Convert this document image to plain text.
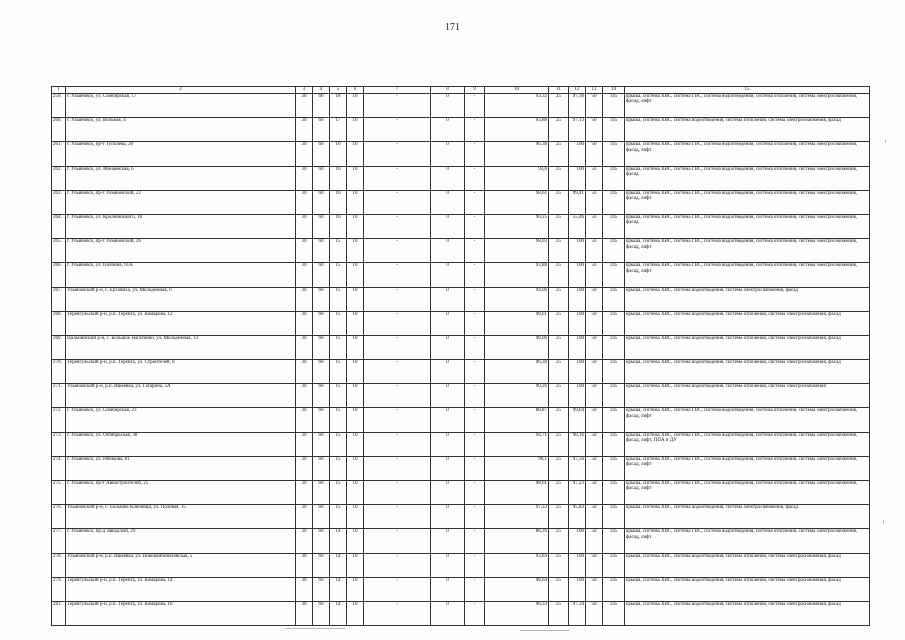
171
1	2	3	4	5	6	7	8	9	10	11	12	13	14	15
259.	г. Ульяновск, ул. Симбирская, 17	30	60	18	10	-	0	-	93,32	25	97,36	50	145	крыша, система ХВС, система ГВС, система водоотведения, система отопления, система электроснабжения, фасад, лифт
260.	г. Ульяновск, ул. Вольная, 4	30	60	17	10	-	0	-	93,88	25	97,13	50	145	крыша, система ХВС, система водоотведения, система отопления, система электроснабжения, фасад
261.	г. Ульяновск, пр-т Туполева, 20	30	60	16	10	-	0	-	96,38	25	100	50	145	крыша, система ХВС, система ГВС, система водоотведения, система отопления, система электроснабжения, фасад, лифт
262.	г. Ульяновск, ул. Минаевская, 6	30	60	16	10	-	0	-	93,6	25	100	50	145	крыша, система ХВС, система ГВС, система водоотведения, система отопления, система электроснабжения, фасад
263.	г. Ульяновск, пр-т Ульяновский, 22	30	60	16	10	-	0	-	98,61	25	99,41	50	145	крыша, система ХВС, система ГВС, система водоотведения, система отопления, система электроснабжения, фасад, лифт
264.	г. Ульяновск, ул. Кролюницкого, 18	30	60	16	10	-	0	-	90,25	25	55,46	50	145	крыша, система ХВС, система ГВС, система водоотведения, система отопления, система электроснабжения, фасад
265.	г. Ульяновск, пр-т Ульяновский, 26	30	60	15	10	-	0	-	98,03	25	100	50	145	крыша, система ХВС, система ГВС, система водоотведения, система отопления, система электроснабжения, фасад, лифт
266.	г. Ульяновск, ул. Полбина, 61А	30	60	15	10	-	0	-	93,88	25	100	50	145	крыша, система ХВС, система ГВС, система водоотведения, система отопления, система электроснабжения, фасад, лифт
267.	Ульяновский р-н, с. Ертаниха, ул. Молодёжная, 6	30	60	15	10	-	0	-	94,06	25	100	50	145	крыша, система ХВС, система водоотведения, система электроснабжения, фасад
268.	Теренгульский р-н, р.п. Теренга, ул. Комарова, 12	30	60	15	10	-	0	-	98,61	25	100	50	145	крыша, система ХВС, система водоотведения, система отопления, система электроснабжения, фасад
269.	Цильнинский р-н, с. Большое Нагаткино, ул. Молодёжная, 13	30	60	15	10	-	0	-	98,06	25	100	50	145	крыша, система ХВС, система водоотведения, система отопления, система электроснабжения, фасад
270.	Теренгульский р-н, р.п. Теренга, ул. Строителей, 8	30	60	15	10	-	0	-	96,38	25	100	50	145	крыша, система ХВС, система водоотведения, система отопления, система электроснабжения, фасад
271.	Ульяновский р-н, р.п. Ишеевка, ул. Гагарина, 5А	30	60	15	10	-	0	-	90,26	25	100	50	145	крыша, система ХВС, система водоотведения, система отопления, система электроснабжения
272.	г. Ульяновск, ул. Симбирская, 23	30	60	15	10	-	0	-	88,87	25	99,64	50	145	крыша, система ХВС, система ГВС, система водоотведения, система отопления, система электроснабжения, фасад, лифт
273.	г. Ульяновск, ул. Октябрьская, 38	30	60	15	10	-	0	-	94,71	25	98,16	50	145	крыша, система ХВС, система ГВС, система водоотведения, система отопления, система электроснабжения, фасад, лифт, ППА и ДУ
274.	г. Ульяновск, ул. Рябикова, 81	30	60	15	10	-	0	-	96,1	25	97,56	50	145	крыша, система ХВС, система ГВС, система водоотведения, система отопления, система электроснабжения, фасад, лифт
275.	г. Ульяновск, пр-т Авиастроителей, 25	30	60	15	10	-	0	-	98,61	25	97,23	50	145	крыша, система ХВС, система ГВС, система водоотведения, система отопления, система электроснабжения, фасад, лифт
276.	Ульяновский р-н, с. Большие Ключищи, ул. Полевая, 15	30	60	15	10	-	0	-	97,22	25	95,83	50	145	крыша, система ХВС, система водоотведения, система электроснабжения, фасад
277.	г. Ульяновск, пр-д Заводской, 29	30	60	14	10	-	0	-	86,36	25	100	50	145	крыша, система ХВС, система ГВС, система водоотведения, система отопления, система электроснабжения, фасад, лифт
278.	Ульяновский р-н, р.п. Ишеевка, ул. Новокомбинатовская, 5	30	60	14	10	-	0	-	93,84	25	100	50	145	крыша, система ХВС, система водоотведения, система отопления, система электроснабжения, фасад
279.	Теренгульский р-н, р.п. Теренга, ул. Комарова, 14	30	60	14	10	-	0	-	98,64	25	100	50	145	крыша, система ХВС, система водоотведения, система отопления, система электроснабжения, фасад
281.	Теренгульский р-н, р.п. Теренга, ул. Комарова, 16	30	60	14	10	-	0	-	98,33	25	97,34	50	145	крыша, система ХВС, система водоотведения, система отопления, система электроснабжения, фасад
